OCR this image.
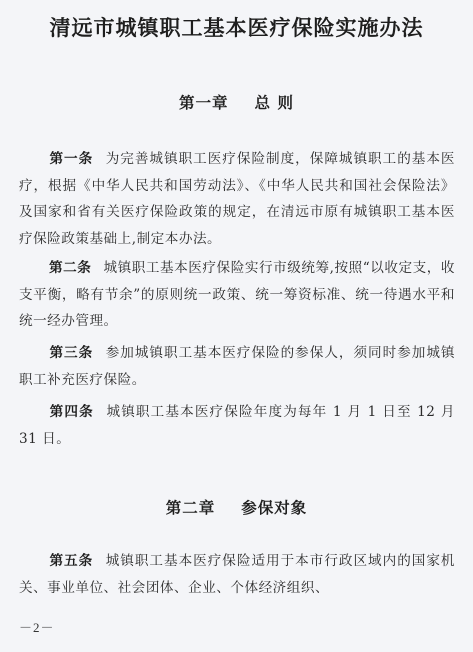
清远市城镇职工基本医疗保险实施办法
第一章 总 则
第一条 为完善城镇职工医疗保险制度，保障城镇职工的基本医疗，根据《中华人民共和国劳动法》、《中华人民共和国社会保险法》及国家和省有关医疗保险政策的规定，在清远市原有城镇职工基本医疗保险政策基础上,制定本办法。
第二条 城镇职工基本医疗保险实行市级统筹,按照“以收定支，收支平衡，略有节余”的原则统一政策、统一筹资标准、统一待遇水平和统一经办管理。
第三条 参加城镇职工基本医疗保险的参保人，须同时参加城镇职工补充医疗保险。
第四条 城镇职工基本医疗保险年度为每年 1 月 1 日至 12 月 31 日。
第二章 参保对象
第五条 城镇职工基本医疗保险适用于本市行政区域内的国家机关、事业单位、社会团体、企业、个体经济组织、
－2－
